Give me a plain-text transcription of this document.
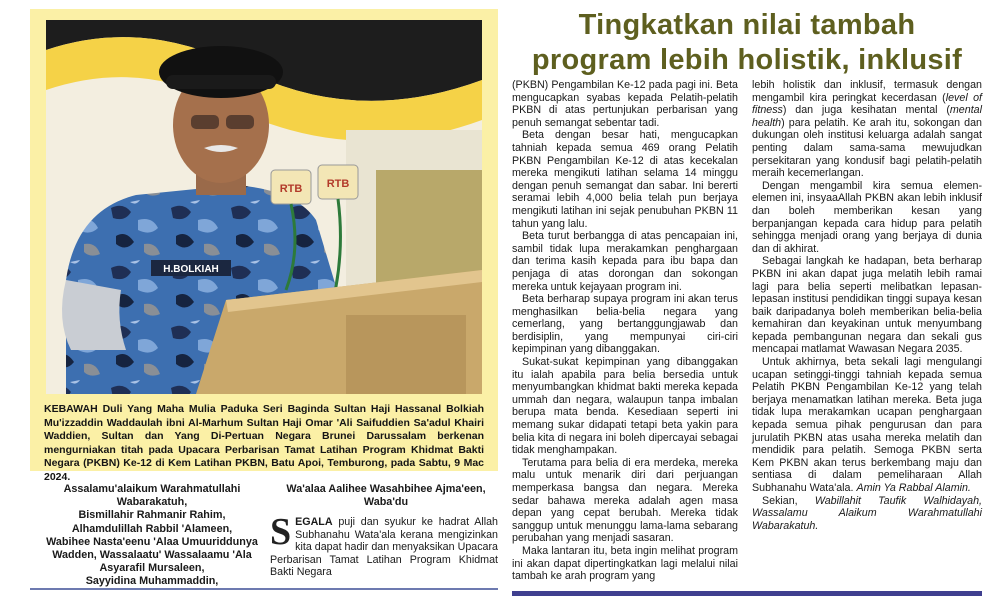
Tingkatkan nilai tambah
program lebih holistik, inklusif
H.BOLKIAH
RTB RTB

KEBAWAH Duli Yang Maha Mulia Paduka Seri Baginda Sultan Haji Hassanal Bolkiah Mu'izzaddin Waddaulah ibni Al-Marhum Sultan Haji Omar 'Ali Saifuddien Sa'adul Khairi Waddien, Sultan dan Yang Di-Pertuan Negara Brunei Darussalam berkenan mengurniakan titah pada Upacara Perbarisan Tamat Latihan Program Khidmat Bakti Negara (PKBN) Ke-12 di Kem Latihan PKBN, Batu Apoi, Temburong, pada Sabtu, 9 Mac 2024.

Assalamu'alaikum Warahmatullahi
Wabarakatuh,
Bismillahir Rahmanir Rahim,
Alhamdulillah Rabbil 'Alameen,
Wabihee Nasta'eenu 'Alaa Umuuriddunya
Wadden, Wassalaatu' Wassalaamu 'Ala
Asyarafil Mursaleen,
Sayyidina Muhammaddin,
Wa'alaa Aalihee Wasahbihee Ajma'een,
Waba'du
SEGALA puji dan syukur ke hadrat Allah Subhanahu Wata'ala kerana mengizinkan kita dapat hadir dan menyaksikan Upacara Perbarisan Tamat Latihan Program Khidmat Bakti Negara

(PKBN) Pengambilan Ke-12 pada pagi ini. Beta mengucapkan syabas kepada Pelatih-pelatih PKBN di atas pertunjukan perbarisan yang penuh semangat sebentar tadi.

Beta dengan besar hati, mengucapkan tahniah kepada semua 469 orang Pelatih PKBN Pengambilan Ke-12 di atas kecekalan mereka mengikuti latihan selama 14 minggu dengan penuh semangat dan sabar. Ini bererti seramai lebih 4,000 belia telah pun berjaya mengikuti latihan ini sejak penubuhan PKBN 11 tahun yang lalu.

Beta turut berbangga di atas pencapaian ini, sambil tidak lupa merakamkan penghargaan dan terima kasih kepada para ibu bapa dan penjaga di atas dorongan dan sokongan mereka untuk kejayaan program ini.

Beta berharap supaya program ini akan terus menghasilkan belia-belia negara yang cemerlang, yang bertanggungjawab dan berdisiplin, yang mempunyai ciri-ciri kepimpinan yang dibanggakan.

Sukat-sukat kepimpinan yang dibanggakan itu ialah apabila para belia bersedia untuk menyumbangkan khidmat bakti mereka kepada ummah dan negara, walaupun tanpa imbalan berupa mata benda. Kesediaan seperti ini memang sukar didapati tetapi beta yakin para belia kita di negara ini boleh dipercayai sebagai tidak menghampakan.

Terutama para belia di era merdeka, mereka malu untuk menarik diri dari perjuangan memperkasa bangsa dan negara. Mereka sedar bahawa mereka adalah agen masa depan yang cepat berubah. Mereka tidak sanggup untuk menunggu lama-lama sebarang perubahan yang menjadi sasaran.

Maka lantaran itu, beta ingin melihat program ini akan dapat dipertingkatkan lagi melalui nilai tambah ke arah program yang

lebih holistik dan inklusif, termasuk dengan mengambil kira peringkat kecerdasan (level of fitness) dan juga kesihatan mental (mental health) para pelatih. Ke arah itu, sokongan dan dukungan oleh institusi keluarga adalah sangat penting dalam sama-sama mewujudkan persekitaran yang kondusif bagi pelatih-pelatih meraih kecemerlangan.

Dengan mengambil kira semua elemen-elemen ini, insyaaAllah PKBN akan lebih inklusif dan boleh memberikan kesan yang berpanjangan kepada cara hidup para pelatih sehingga menjadi orang yang berjaya di dunia dan di akhirat.

Sebagai langkah ke hadapan, beta berharap PKBN ini akan dapat juga melatih lebih ramai lagi para belia seperti melibatkan lepasan-lepasan institusi pendidikan tinggi supaya kesan baik daripadanya boleh memberikan belia-belia kemahiran dan keyakinan untuk menyumbang kepada pembangunan negara dan sekali gus mencapai matlamat Wawasan Negara 2035.

Untuk akhirnya, beta sekali lagi mengulangi ucapan setinggi-tinggi tahniah kepada semua Pelatih PKBN Pengambilan Ke-12 yang telah berjaya menamatkan latihan mereka. Beta juga tidak lupa merakamkan ucapan penghargaan kepada semua pihak pengurusan dan para jurulatih PKBN atas usaha mereka melatih dan mendidik para pelatih. Semoga PKBN serta Kem PKBN akan terus berkembang maju dan sentiasa di dalam pemeliharaan Allah Subhanahu Wata'ala. Amin Ya Rabbal Alamin.

Sekian, Wabillahit Taufik Walhidayah, Wassalamu Alaikum Warahmatullahi Wabarakatuh.
